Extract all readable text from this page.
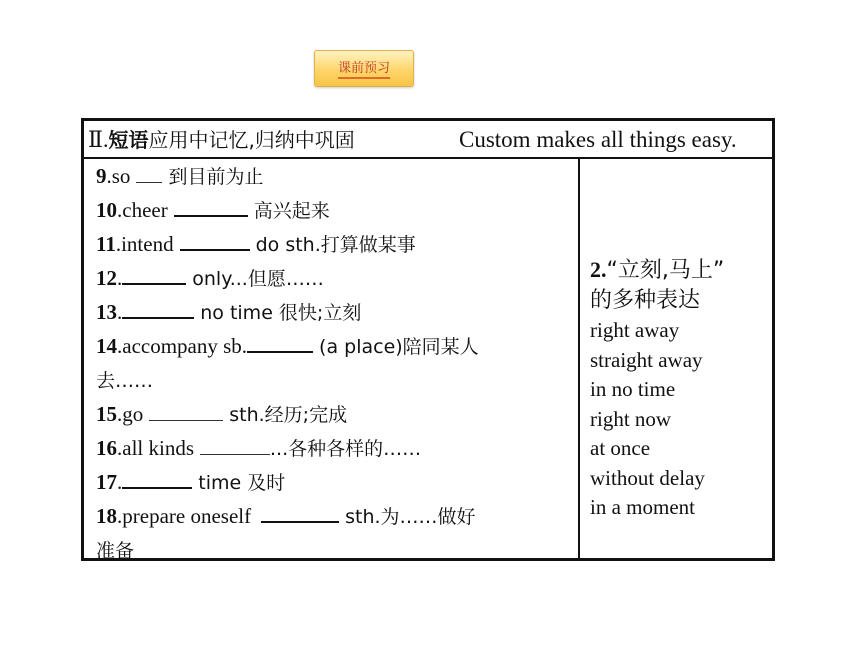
课前预习
Ⅱ.短语应用中记忆,归纳中巩固	Custom makes all things easy.
9.so 到目前为止
10.cheer	高兴起来
11.intend	do sth.打算做某事
12.	only...但愿……
13.	no time 很快;立刻
14.accompany sb.	(a place)陪同某人
去……
15.go	sth.经历;完成
16.all kinds	...各种各样的……
17.	time 及时
18.prepare oneself	sth.为……做好
准备
2.“立刻,马上”
的多种表达
right away
straight away
in no time
right now
at once
without delay
in a moment
